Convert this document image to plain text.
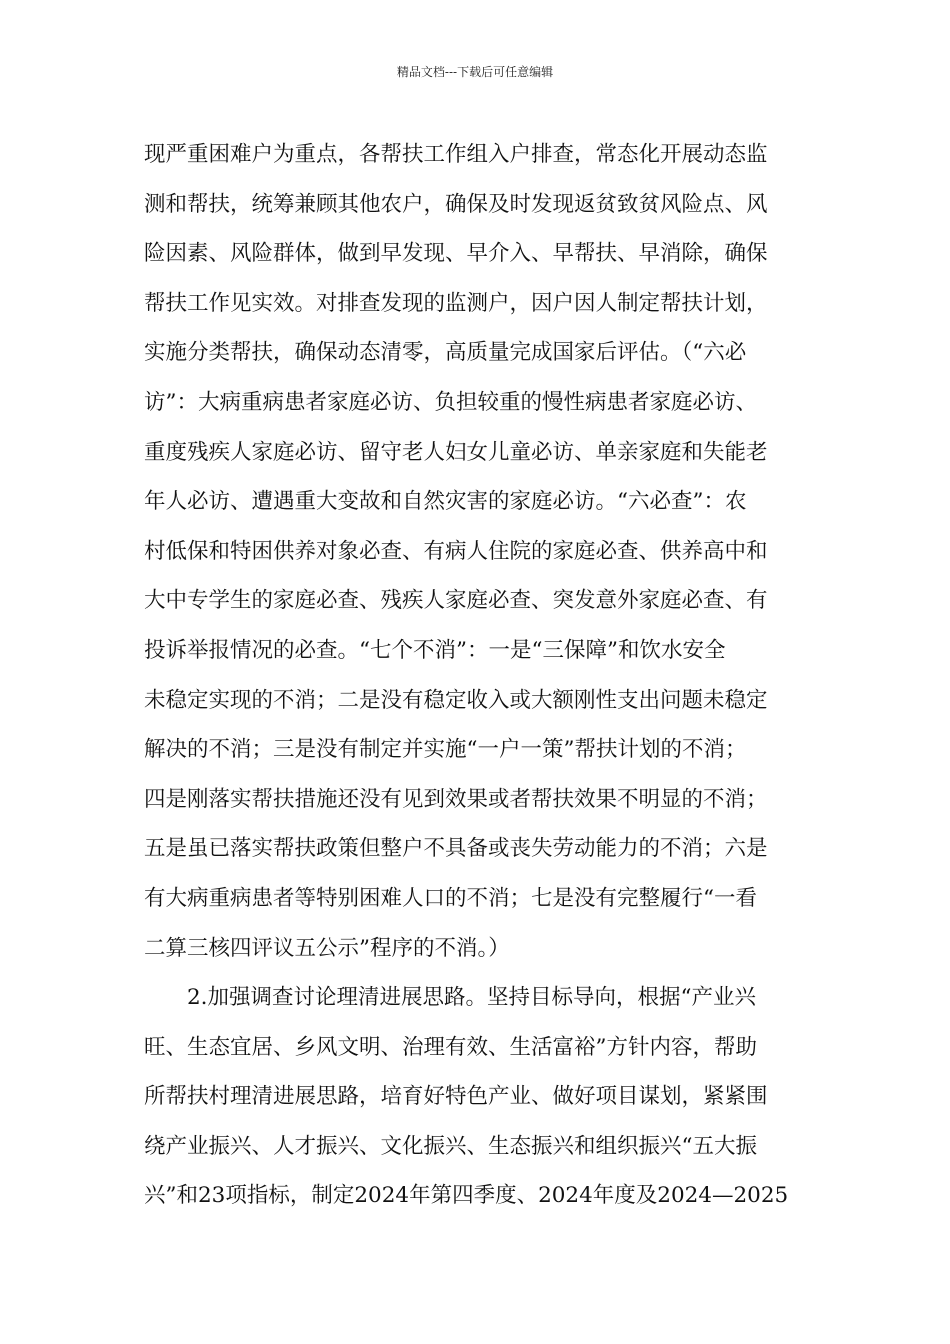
精品文档---下载后可任意编辑
现严重困难户为重点，各帮扶工作组入户排查，常态化开展动态监
测和帮扶，统筹兼顾其他农户，确保及时发现返贫致贫风险点、风
险因素、风险群体，做到早发现、早介入、早帮扶、早消除，确保
帮扶工作见实效。对排查发现的监测户，因户因人制定帮扶计划，
实施分类帮扶，确保动态清零，高质量完成国家后评估。（“六必
访”：大病重病患者家庭必访、负担较重的慢性病患者家庭必访、
重度残疾人家庭必访、留守老人妇女儿童必访、单亲家庭和失能老
年人必访、遭遇重大变故和自然灾害的家庭必访。“六必查”：农
村低保和特困供养对象必查、有病人住院的家庭必查、供养高中和
大中专学生的家庭必查、残疾人家庭必查、突发意外家庭必查、有
投诉举报情况的必查。“七个不消”：一是“三保障”和饮水安全
未稳定实现的不消；二是没有稳定收入或大额刚性支出问题未稳定
解决的不消；三是没有制定并实施“一户一策”帮扶计划的不消；
四是刚落实帮扶措施还没有见到效果或者帮扶效果不明显的不消；
五是虽已落实帮扶政策但整户不具备或丧失劳动能力的不消；六是
有大病重病患者等特别困难人口的不消；七是没有完整履行“一看
二算三核四评议五公示”程序的不消。）
2.加强调查讨论理清进展思路。坚持目标导向，根据“产业兴
旺、生态宜居、乡风文明、治理有效、生活富裕”方针内容，帮助
所帮扶村理清进展思路，培育好特色产业、做好项目谋划，紧紧围
绕产业振兴、人才振兴、文化振兴、生态振兴和组织振兴“五大振
兴”和23项指标，制定2024年第四季度、2024年度及2024—2025
